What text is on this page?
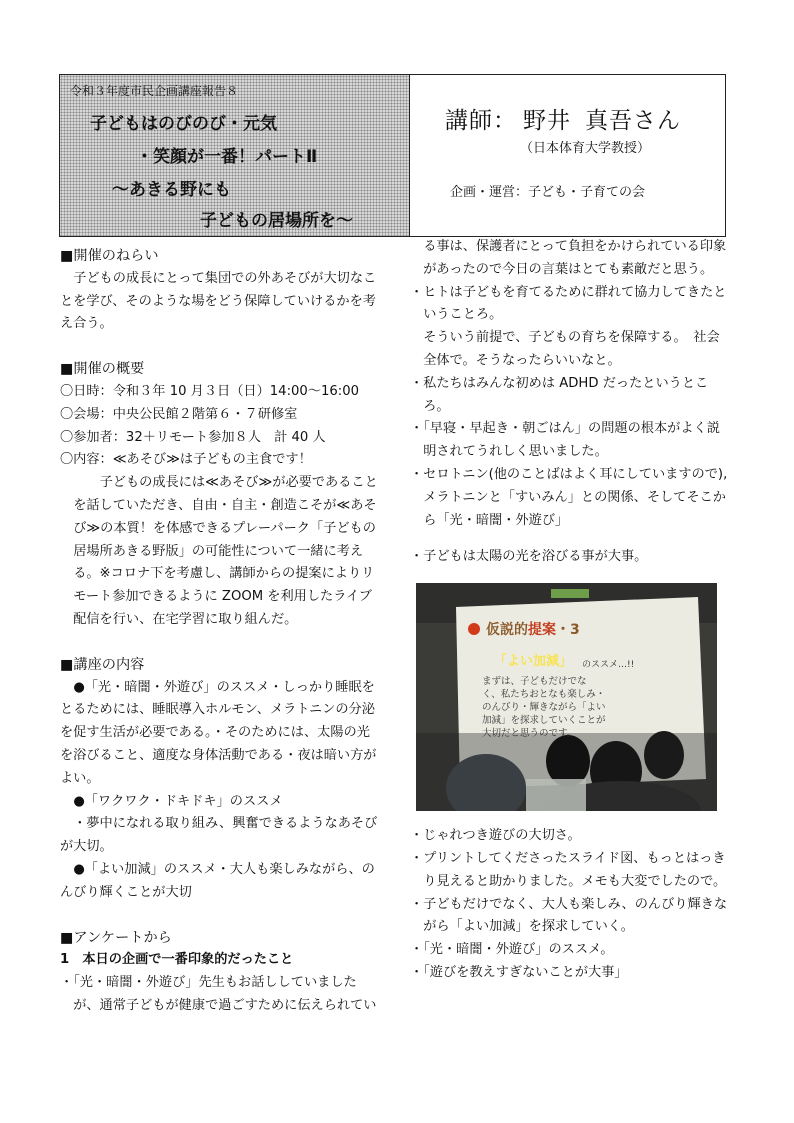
令和３年度市民企画講座報告８
子どもはのびのび・元気
・笑顔が一番！パートⅡ
～あきる野にも
子どもの居場所を～
講師： 野井 真吾さん
（日本体育大学教授）
企画・運営：子ども・子育ての会

■開催のねらい

子どもの成長にとって集団での外あそびが大切なことを学び、そのような場をどう保障していけるかを考え合う。

■開催の概要

〇日時：令和３年 10 月３日（日）14:00～16:00

〇会場：中央公民館２階第６・７研修室

〇参加者：32＋リモート参加８人　計 40 人

〇内容：≪あそび≫は子どもの主食です！

子どもの成長には≪あそび≫が必要であることを話していただき、自由・自主・創造こそが≪あそび≫の本質！を体感できるプレーパーク「子どもの居場所あきる野版」の可能性について一緒に考える。※コロナ下を考慮し、講師からの提案によりリモート参加できるように ZOOM を利用したライブ配信を行い、在宅学習に取り組んだ。

■講座の内容

●「光・暗闇・外遊び」のススメ・しっかり睡眠をとるためには、睡眠導入ホルモン、メラトニンの分泌を促す生活が必要である。・そのためには、太陽の光を浴びること、適度な身体活動である・夜は暗い方がよい。

●「ワクワク・ドキドキ」のススメ

・夢中になれる取り組み、興奮できるようなあそびが大切。

●「よい加減」のススメ・大人も楽しみながら、のんびり輝くことが大切

■アンケートから

1　本日の企画で一番印象的だったこと

・「光・暗闇・外遊び」先生もお話ししていましたが、通常子どもが健康で過ごすために伝えられてい

る事は、保護者にとって負担をかけられている印象があったので今日の言葉はとても素敵だと思う。

・ヒトは子どもを育てるために群れて協力してきたということろ。

そういう前提で、子どもの育ちを保障する。　社会全体で。そうなったらいいなと。

・私たちはみんな初めは ADHD だったというところ。

・「早寝・早起き・朝ごはん」の問題の根本がよく説明されてうれしく思いました。

・セロトニン(他のことばはよく耳にしていますので),メラトニンと「すいみん」との関係、そしてそこから「光・暗闇・外遊び」

・子どもは太陽の光を浴びる事が大事。

仮説的提案・3
「よい加減」 のススメ…!!
まずは、子どもだけでな
く、私たちおとなも楽しみ・
のんびり・輝きながら「よい
加減」を探求していくことが
大切だと思うのです。

・じゃれつき遊びの大切さ。

・プリントしてくださったスライド図、もっとはっきり見えると助かりました。メモも大変でしたので。

・子どもだけでなく、大人も楽しみ、のんびり輝きながら「よい加減」を探求していく。

・「光・暗闇・外遊び」のススメ。

・「遊びを教えすぎないことが大事」
